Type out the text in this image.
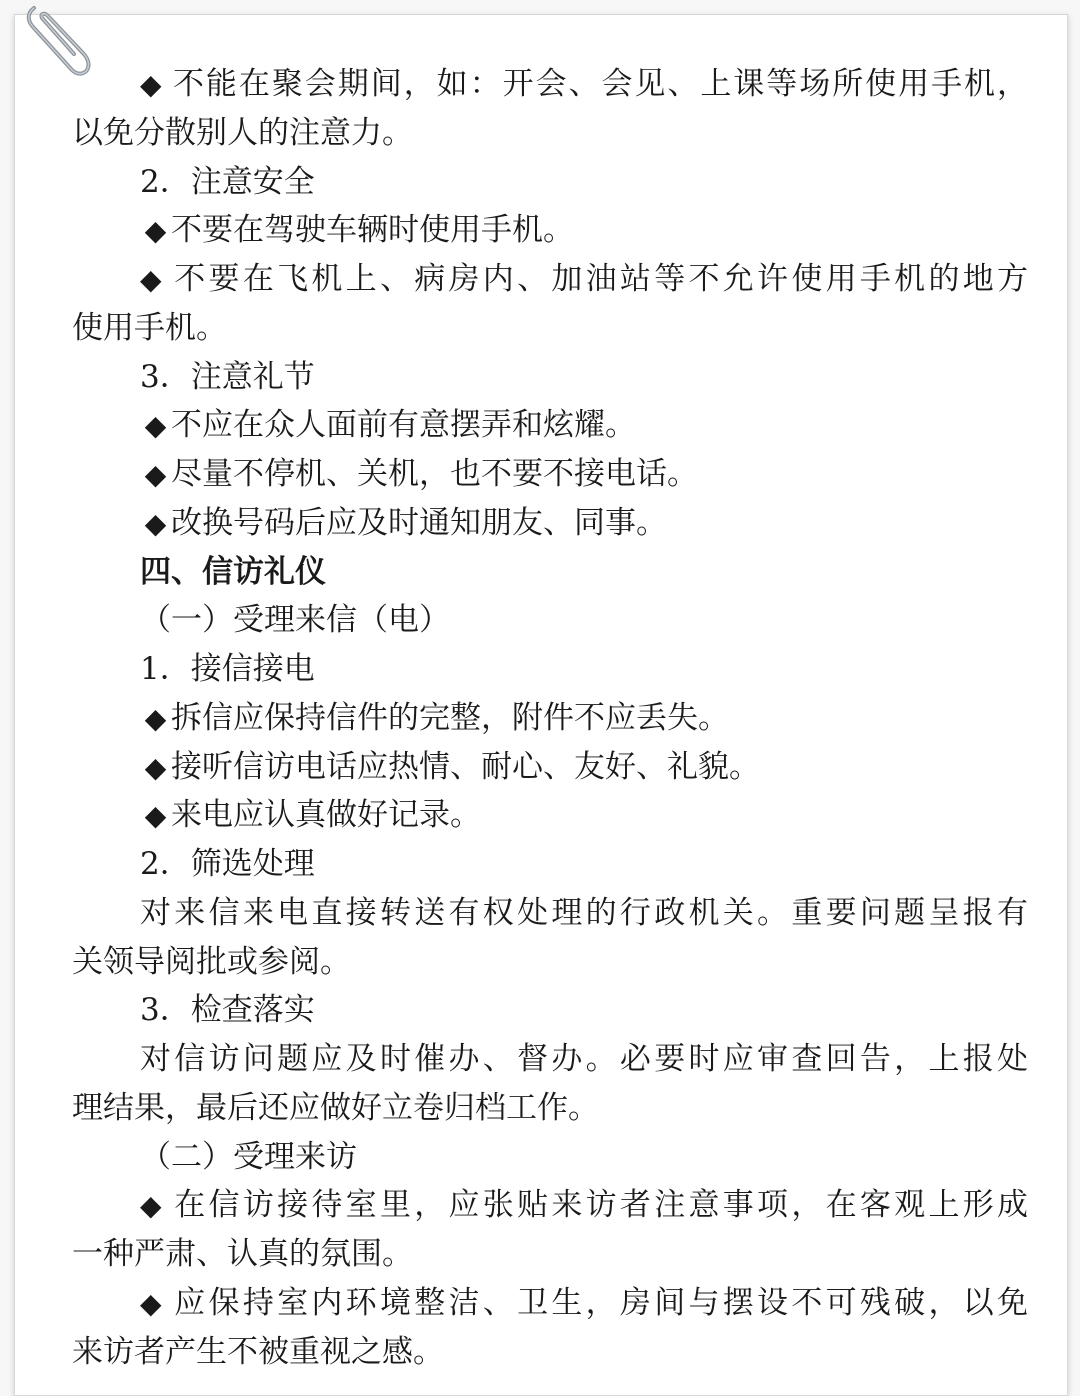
◆ 不能在聚会期间，如：开会、会见、上课等场所使用手机，
以免分散别人的注意力。
2．注意安全
◆ 不要在驾驶车辆时使用手机。
◆ 不要在飞机上、病房内、加油站等不允许使用手机的地方
使用手机。
3．注意礼节
◆ 不应在众人面前有意摆弄和炫耀。
◆ 尽量不停机、关机，也不要不接电话。
◆ 改换号码后应及时通知朋友、同事。
四、信访礼仪
（一）受理来信（电）
1．接信接电
◆ 拆信应保持信件的完整，附件不应丢失。
◆ 接听信访电话应热情、耐心、友好、礼貌。
◆ 来电应认真做好记录。
2．筛选处理
对来信来电直接转送有权处理的行政机关。重要问题呈报有
关领导阅批或参阅。
3．检查落实
对信访问题应及时催办、督办。必要时应审查回告，上报处
理结果，最后还应做好立卷归档工作。
（二）受理来访
◆ 在信访接待室里，应张贴来访者注意事项，在客观上形成
一种严肃、认真的氛围。
◆ 应保持室内环境整洁、卫生，房间与摆设不可残破，以免
来访者产生不被重视之感。
